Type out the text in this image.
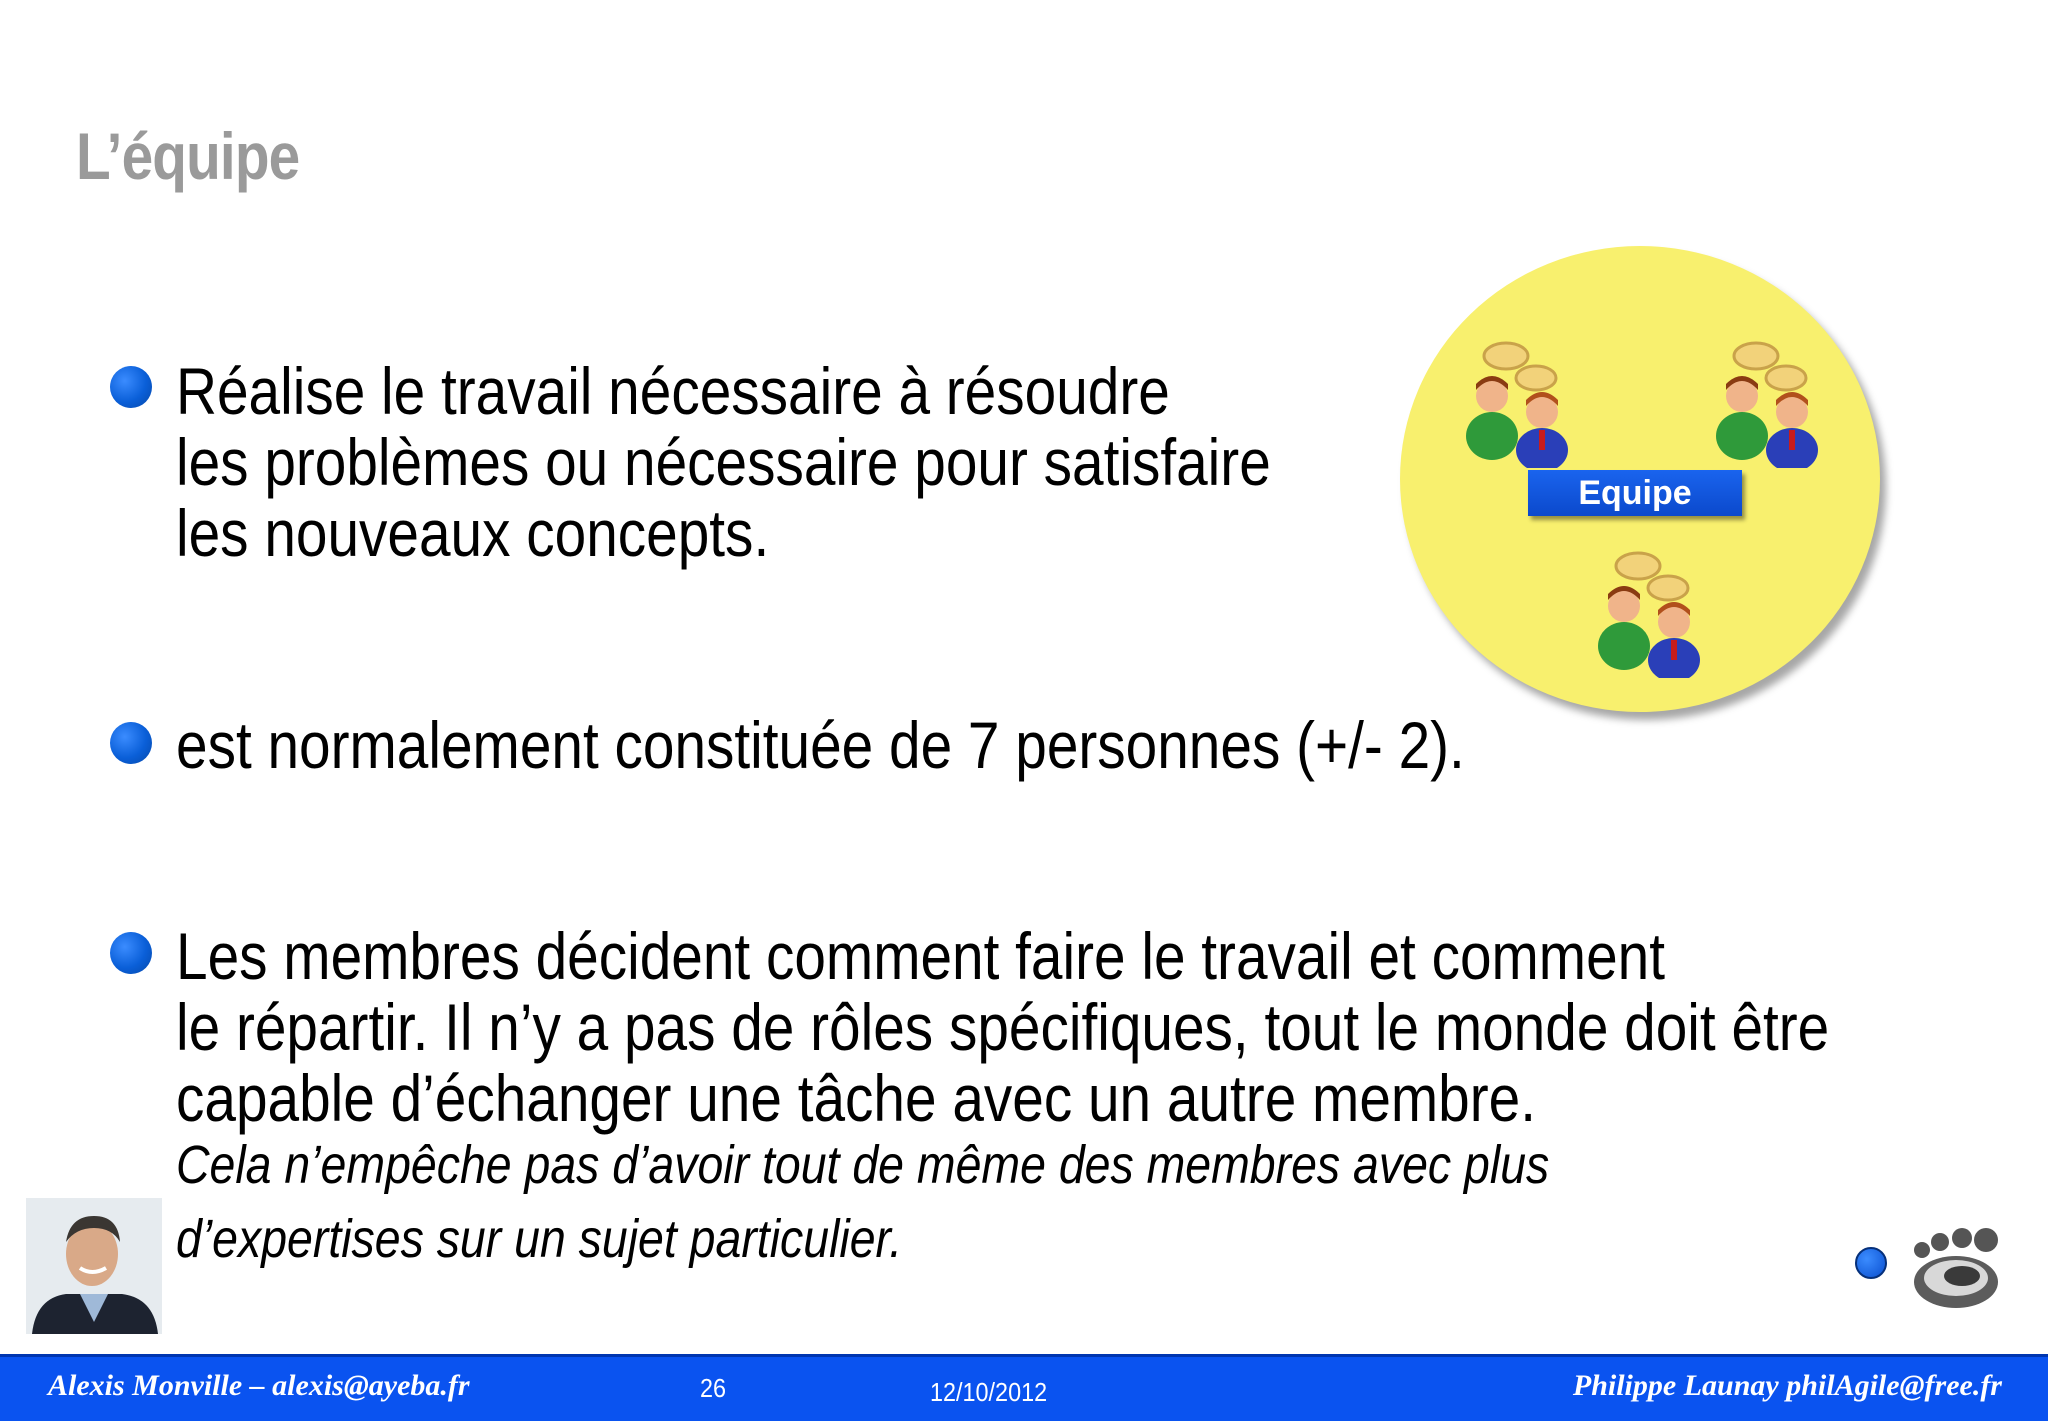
L’équipe
Réalise le travail nécessaire à résoudre
les problèmes ou nécessaire pour satisfaire
les nouveaux concepts.
est normalement constituée de 7 personnes (+/- 2).
Les membres décident comment faire le travail et comment
le répartir. Il n’y a pas de rôles spécifiques, tout le monde doit être
capable d’échanger une tâche avec un autre membre.
Cela n’empêche pas d’avoir tout de même des membres avec plus
d’expertises sur un sujet particulier.
Equipe
Alexis Monville – alexis@ayeba.fr	26	12/10/2012	Philippe Launay philAgile@free.fr
